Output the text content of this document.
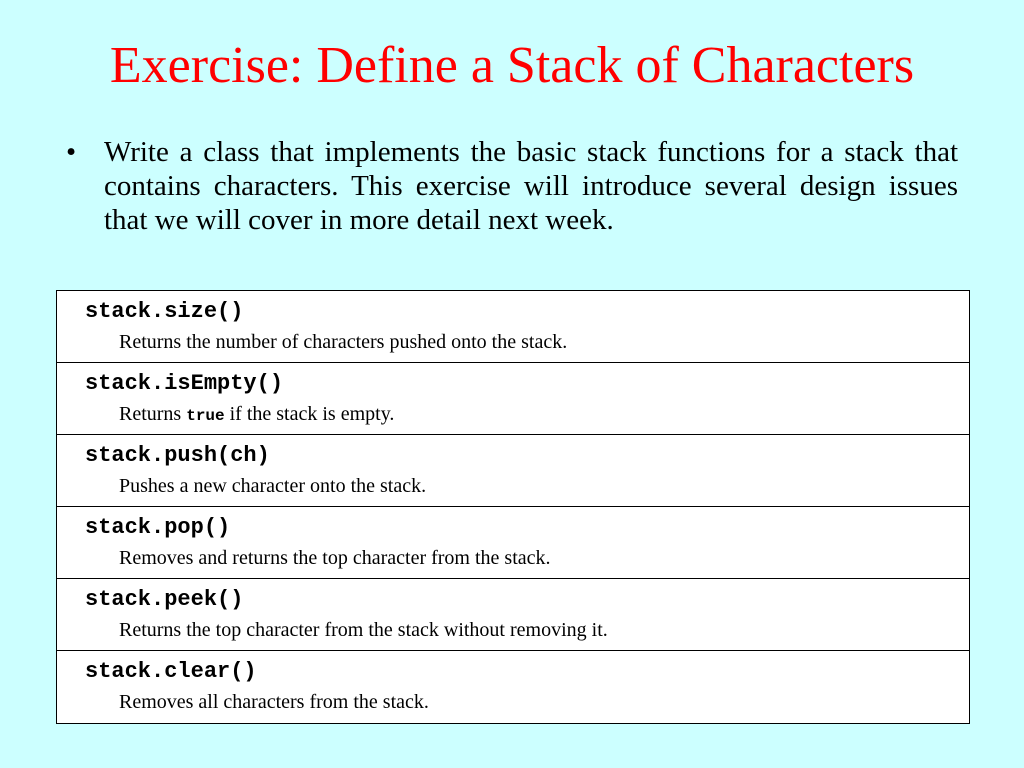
Exercise: Define a Stack of Characters
• Write a class that implements the basic stack functions for a stack that contains characters. This exercise will introduce several design issues that we will cover in more detail next week.

stack.size()
Returns the number of characters pushed onto the stack.
stack.isEmpty()
Returns true if the stack is empty.
stack.push(ch)
Pushes a new character onto the stack.
stack.pop()
Removes and returns the top character from the stack.
stack.peek()
Returns the top character from the stack without removing it.
stack.clear()
Removes all characters from the stack.
